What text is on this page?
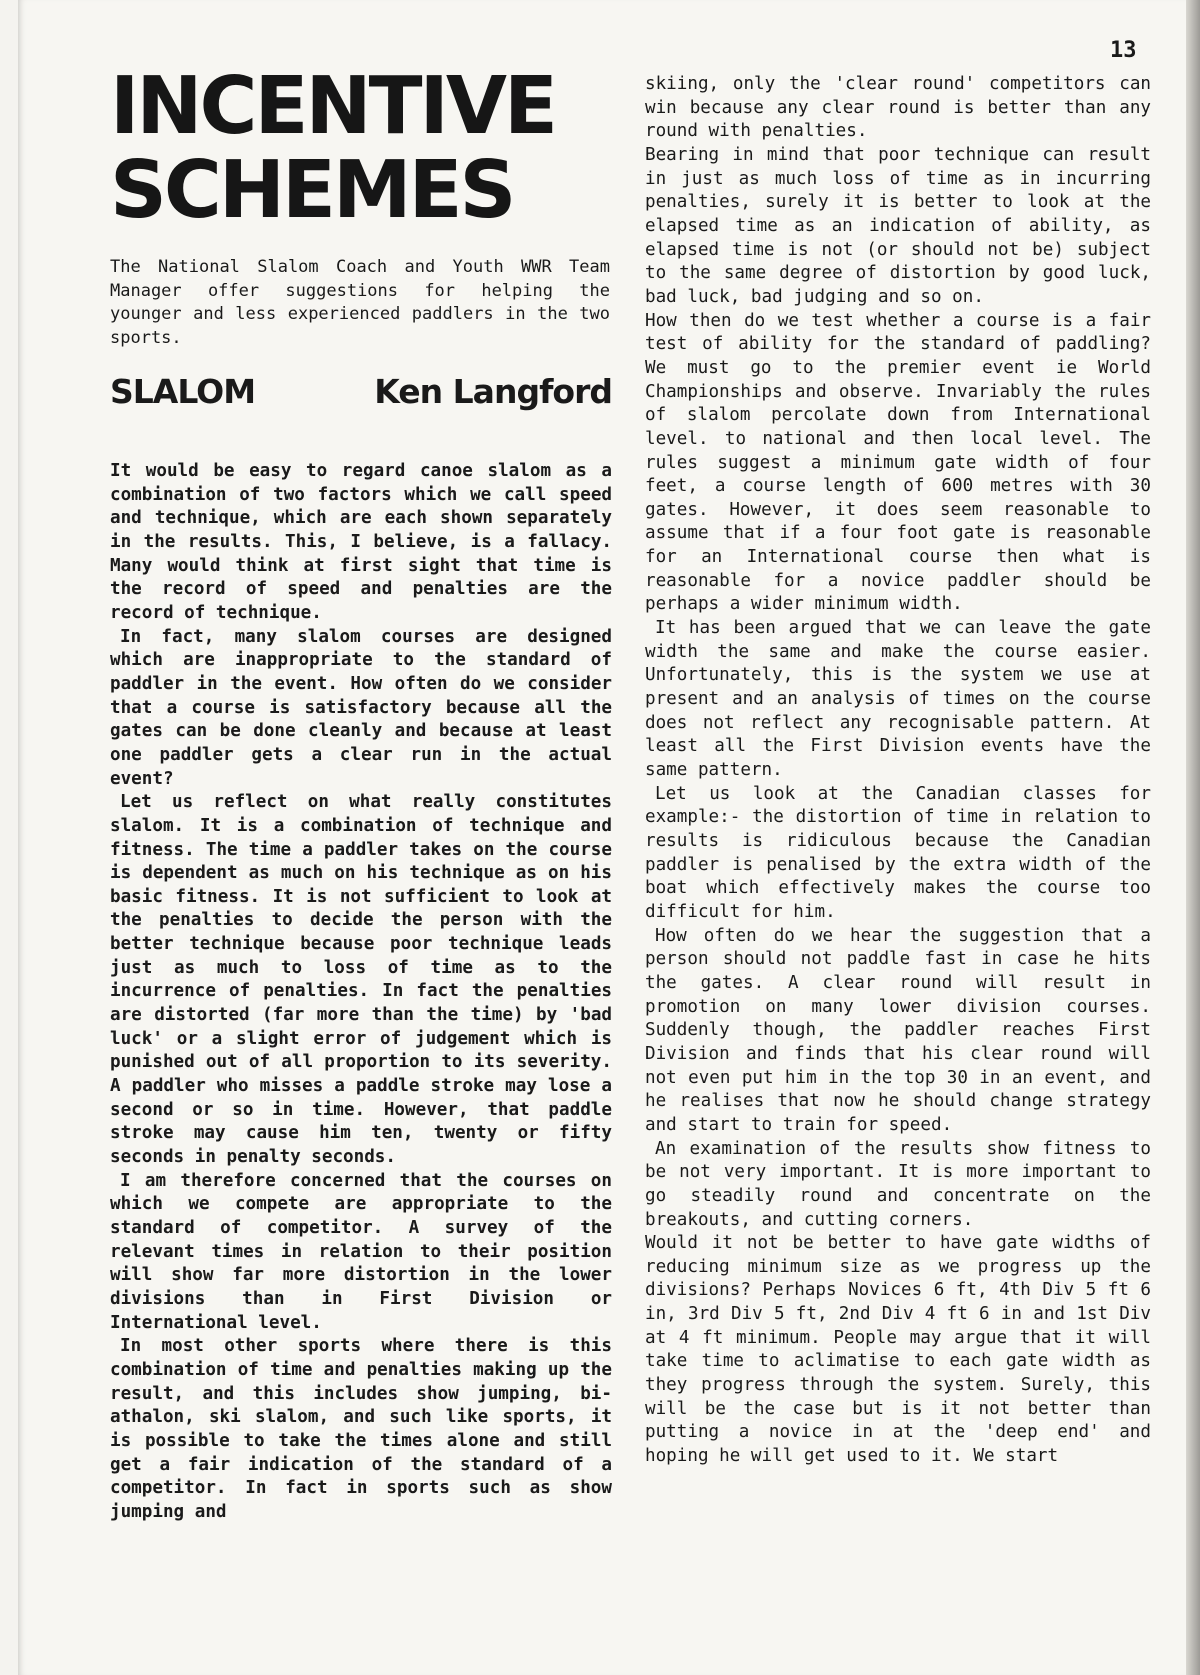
13
INCENTIVE
SCHEMES

The National Slalom Coach and Youth WWR Team Manager offer suggestions for helping the younger and less experienced paddlers in the two sports.

SLALOM	Ken Langford

It would be easy to regard canoe slalom as a combination of two factors which we call speed and technique, which are each shown separately in the results. This, I believe, is a fallacy. Many would think at first sight that time is the record of speed and penalties are the record of technique.

In fact, many slalom courses are designed which are inappropriate to the standard of paddler in the event. How often do we consider that a course is satisfactory because all the gates can be done cleanly and because at least one paddler gets a clear run in the actual event?

Let us reflect on what really constitutes slalom. It is a combination of technique and fitness. The time a paddler takes on the course is dependent as much on his technique as on his basic fitness. It is not sufficient to look at the penalties to decide the person with the better technique because poor technique leads just as much to loss of time as to the incurrence of penalties. In fact the penalties are distorted (far more than the time) by 'bad luck' or a slight error of judgement which is punished out of all proportion to its severity. A paddler who misses a paddle stroke may lose a second or so in time. However, that paddle stroke may cause him ten, twenty or fifty seconds in penalty seconds.

I am therefore concerned that the courses on which we compete are appropriate to the standard of competitor. A survey of the relevant times in relation to their position will show far more distortion in the lower divisions than in First Division or International level.

In most other sports where there is this combination of time and penalties making up the result, and this includes show jumping, bi-athalon, ski slalom, and such like sports, it is possible to take the times alone and still get a fair indication of the standard of a competitor. In fact in sports such as show jumping and

skiing, only the 'clear round' competitors can win because any clear round is better than any round with penalties.

Bearing in mind that poor technique can result in just as much loss of time as in incurring penalties, surely it is better to look at the elapsed time as an indication of ability, as elapsed time is not (or should not be) subject to the same degree of distortion by good luck, bad luck, bad judging and so on.

How then do we test whether a course is a fair test of ability for the standard of paddling? We must go to the premier event ie World Championships and observe. Invariably the rules of slalom percolate down from International level. to national and then local level. The rules suggest a minimum gate width of four feet, a course length of 600 metres with 30 gates. However, it does seem reasonable to assume that if a four foot gate is reasonable for an International course then what is reasonable for a novice paddler should be perhaps a wider minimum width.

It has been argued that we can leave the gate width the same and make the course easier. Unfortunately, this is the system we use at present and an analysis of times on the course does not reflect any recognisable pattern. At least all the First Division events have the same pattern.

Let us look at the Canadian classes for example:- the distortion of time in relation to results is ridiculous because the Canadian paddler is penalised by the extra width of the boat which effectively makes the course too difficult for him.

How often do we hear the suggestion that a person should not paddle fast in case he hits the gates. A clear round will result in promotion on many lower division courses. Suddenly though, the paddler reaches First Division and finds that his clear round will not even put him in the top 30 in an event, and he realises that now he should change strategy and start to train for speed.

An examination of the results show fitness to be not very important. It is more important to go steadily round and concentrate on the breakouts, and cutting corners.

Would it not be better to have gate widths of reducing minimum size as we progress up the divisions? Perhaps Novices 6 ft, 4th Div 5 ft 6 in, 3rd Div 5 ft, 2nd Div 4 ft 6 in and 1st Div at 4 ft minimum. People may argue that it will take time to aclimatise to each gate width as they progress through the system. Surely, this will be the case but is it not better than putting a novice in at the 'deep end' and hoping he will get used to it. We start
